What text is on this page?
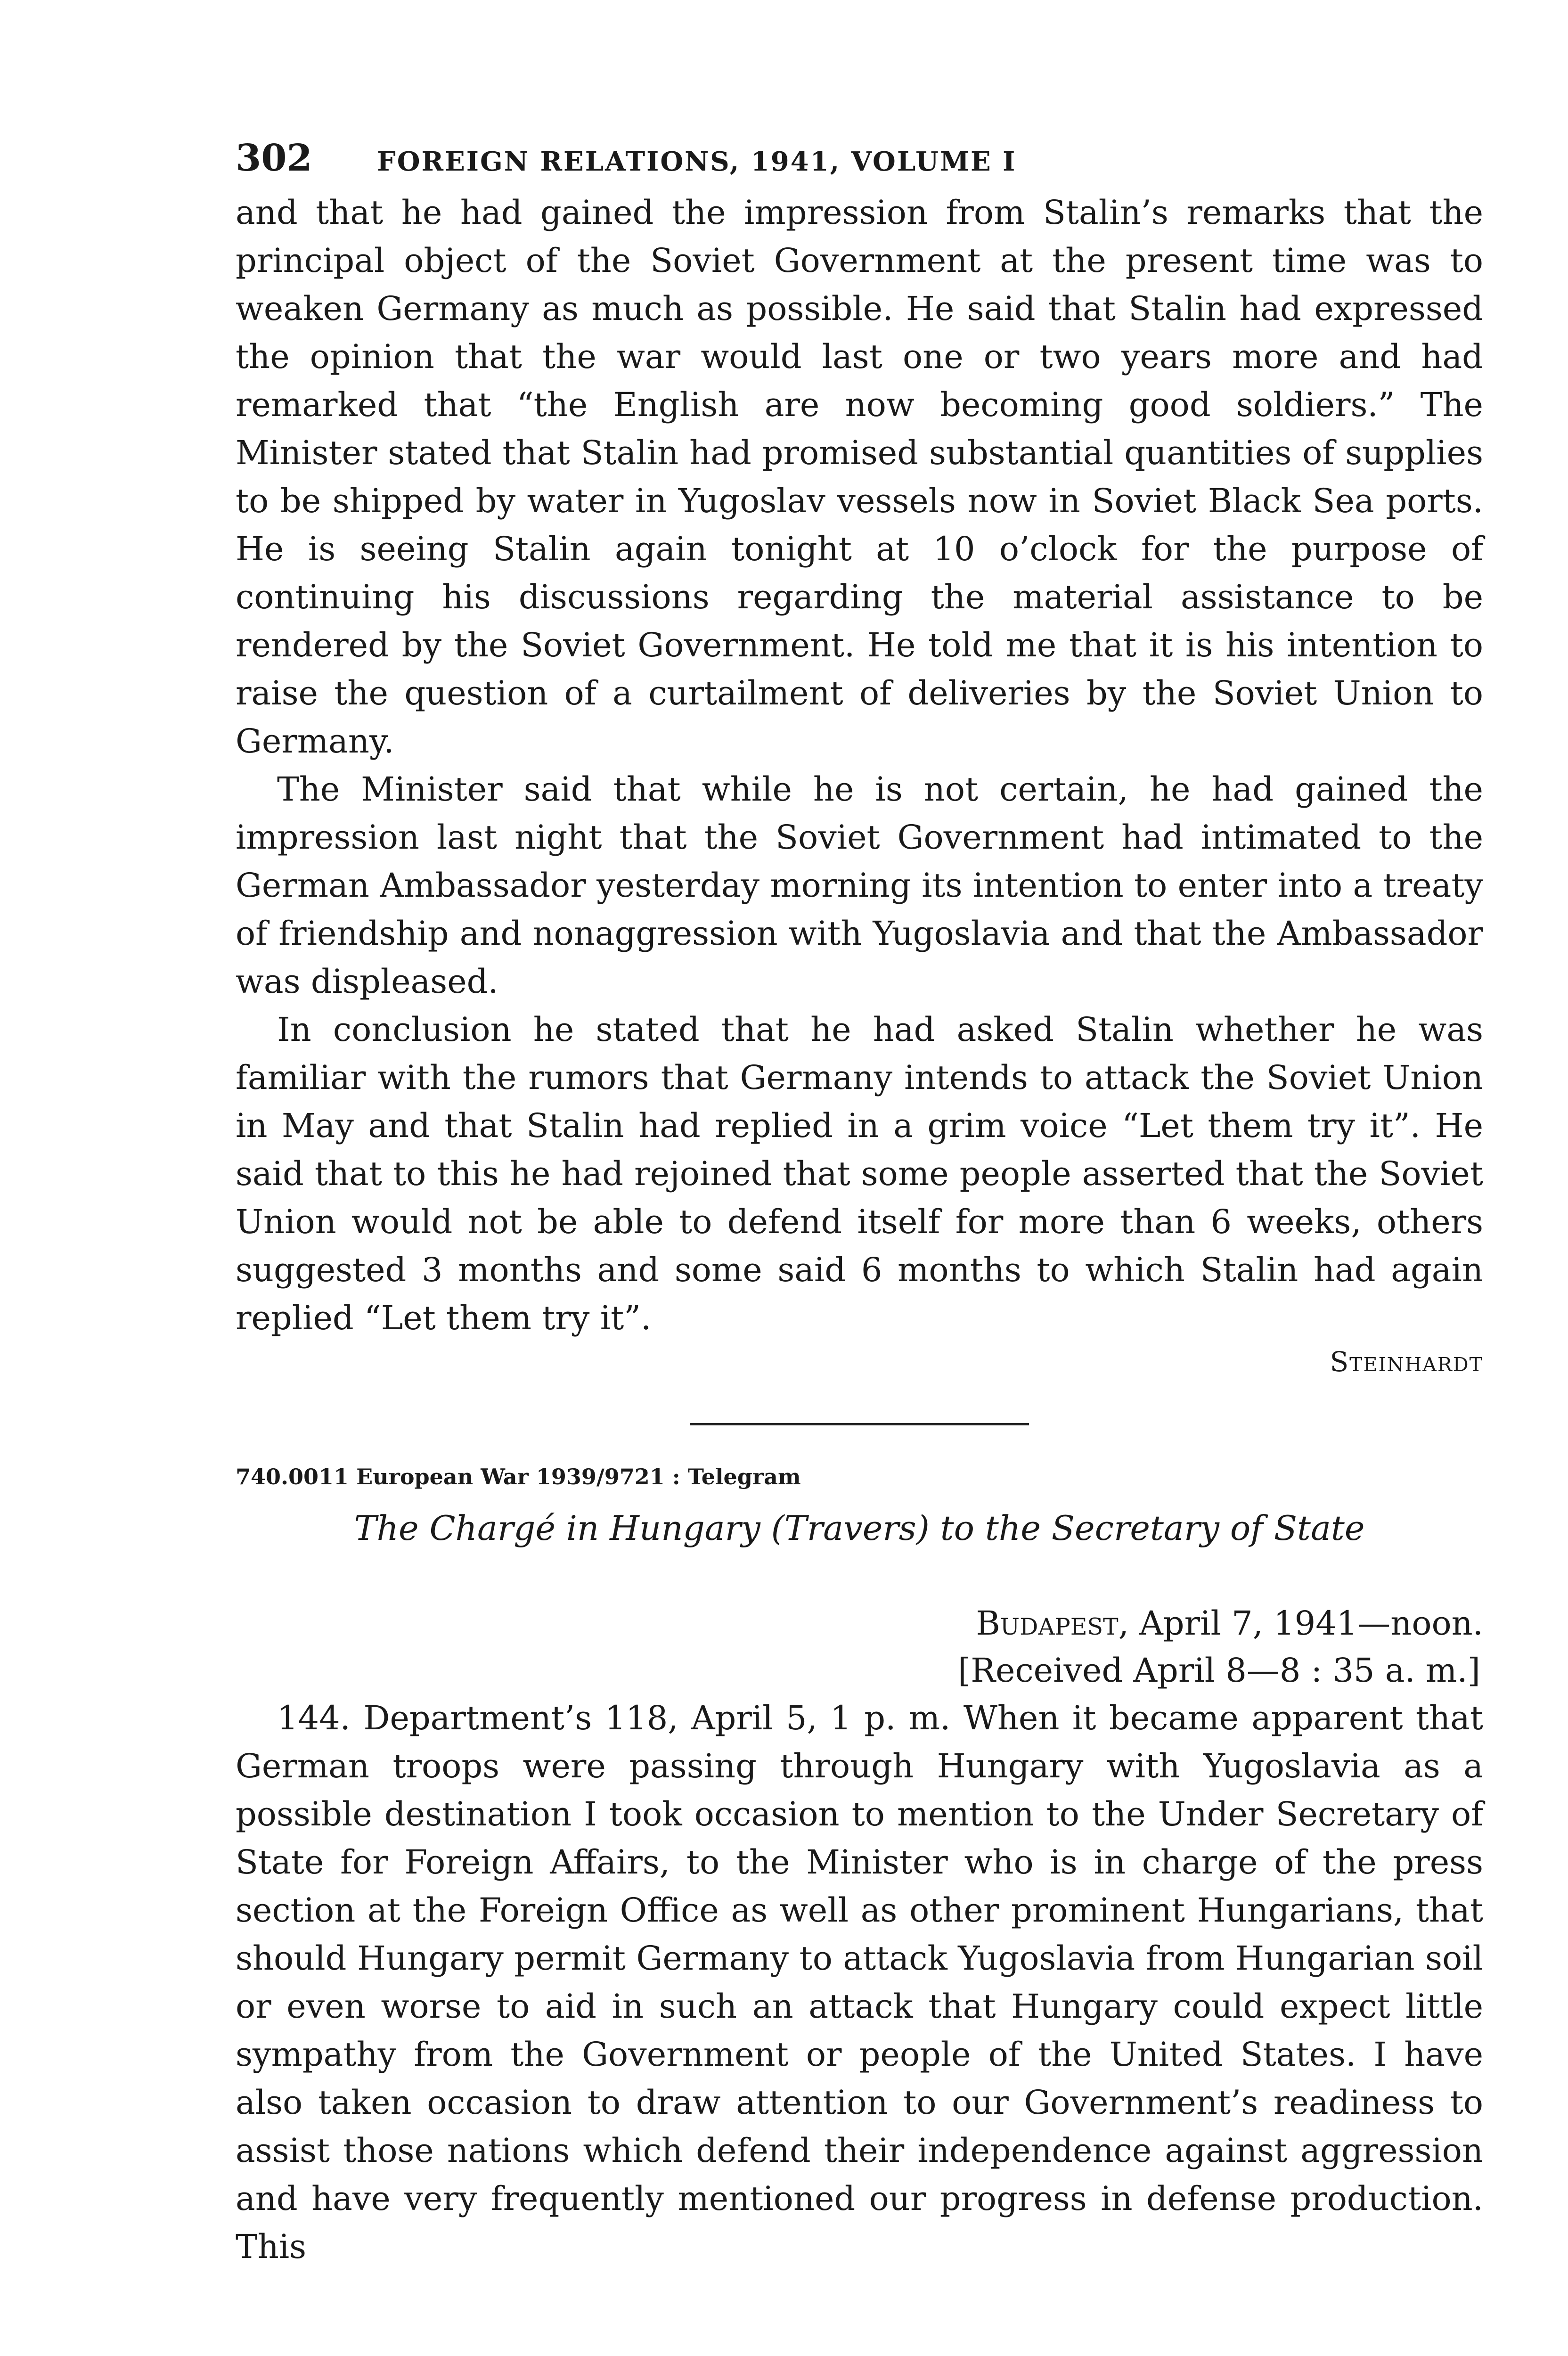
302	FOREIGN RELATIONS, 1941, VOLUME I

and that he had gained the impression from Stalin’s remarks that the principal object of the Soviet Government at the present time was to weaken Germany as much as possible. He said that Stalin had expressed the opinion that the war would last one or two years more and had remarked that “the English are now becoming good soldiers.” The Minister stated that Stalin had promised substantial quantities of supplies to be shipped by water in Yugoslav vessels now in Soviet Black Sea ports. He is seeing Stalin again tonight at 10 o’clock for the purpose of continuing his discussions regarding the material assistance to be rendered by the Soviet Government. He told me that it is his intention to raise the question of a curtailment of deliveries by the Soviet Union to Germany.

The Minister said that while he is not certain, he had gained the impression last night that the Soviet Government had intimated to the German Ambassador yesterday morning its intention to enter into a treaty of friendship and nonaggression with Yugoslavia and that the Ambassador was displeased.

In conclusion he stated that he had asked Stalin whether he was familiar with the rumors that Germany intends to attack the Soviet Union in May and that Stalin had replied in a grim voice “Let them try it”. He said that to this he had rejoined that some people asserted that the Soviet Union would not be able to defend itself for more than 6 weeks, others suggested 3 months and some said 6 months to which Stalin had again replied “Let them try it”.

Steinhardt
740.0011 European War 1939/9721 : Telegram
The Chargé in Hungary (Travers) to the Secretary of State
Budapest, April 7, 1941—noon.
[Received April 8—8 : 35 a. m.]

144. Department’s 118, April 5, 1 p. m. When it became apparent that German troops were passing through Hungary with Yugoslavia as a possible destination I took occasion to mention to the Under Secretary of State for Foreign Affairs, to the Minister who is in charge of the press section at the Foreign Office as well as other prominent Hungarians, that should Hungary permit Germany to attack Yugoslavia from Hungarian soil or even worse to aid in such an attack that Hungary could expect little sympathy from the Government or people of the United States. I have also taken occasion to draw attention to our Government’s readiness to assist those nations which defend their independence against aggression and have very frequently mentioned our progress in defense production. This
